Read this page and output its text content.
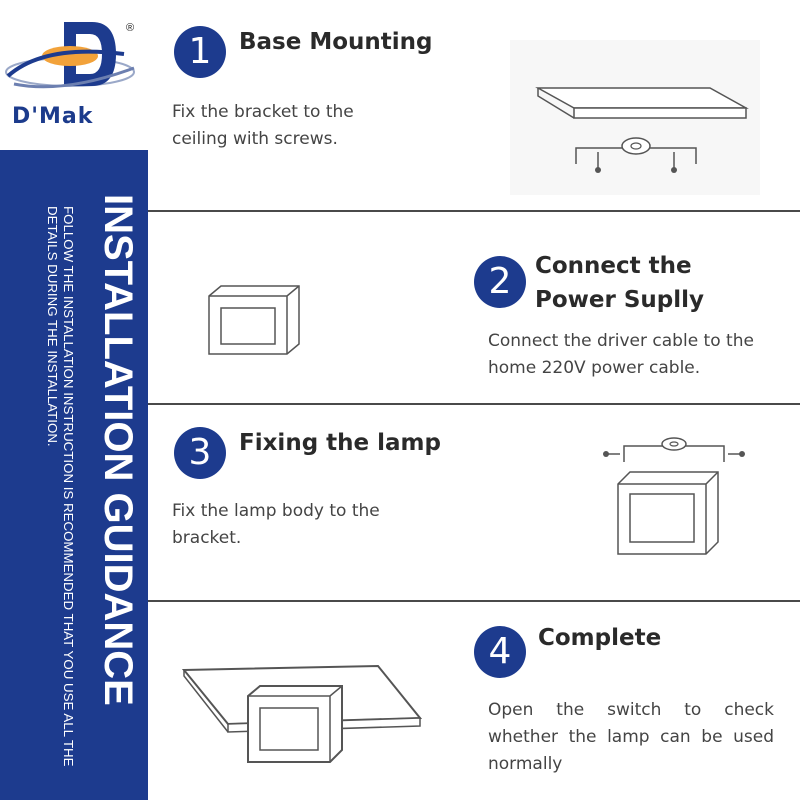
®
D'Mak
INSTALLATION GUIDANCE
FOLLOW THE INSTALLATION INSTRUCTION IS RECOMMENDED THAT YOU USE ALL THE DETAILS DURING THE INSTALLATION.
1	Base Mounting
Fix the bracket to the ceiling with screws.
2	Connect the Power Suplly
Connect the driver cable to the home 220V power cable.
3	Fixing the lamp
Fix the lamp body to the bracket.
4	Complete
Open the switch to check whether the lamp can be used normally
